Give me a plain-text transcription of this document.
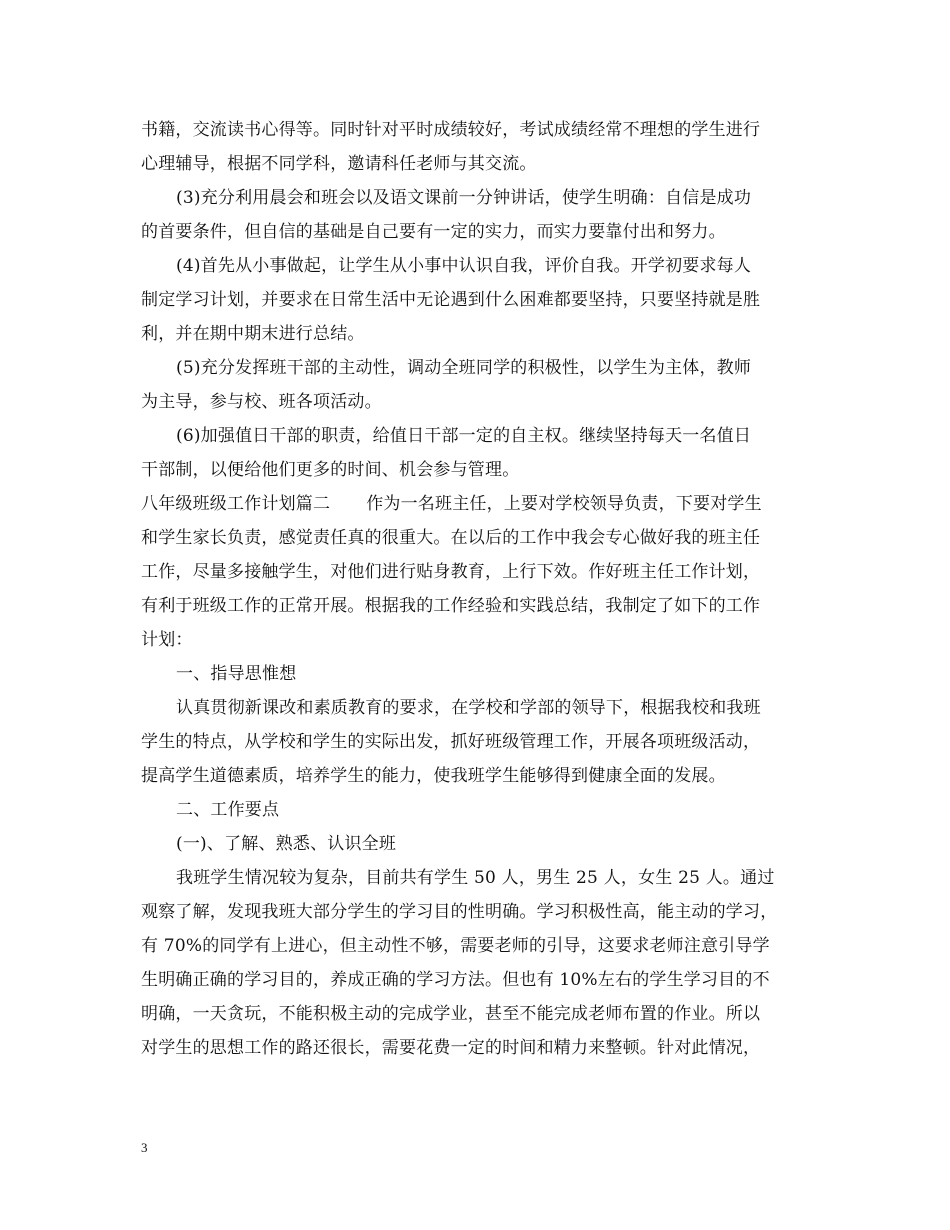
书籍，交流读书心得等。同时针对平时成绩较好，考试成绩经常不理想的学生进行
心理辅导，根据不同学科，邀请科任老师与其交流。
(3)充分利用晨会和班会以及语文课前一分钟讲话，使学生明确：自信是成功
的首要条件，但自信的基础是自己要有一定的实力，而实力要靠付出和努力。
(4)首先从小事做起，让学生从小事中认识自我，评价自我。开学初要求每人
制定学习计划，并要求在日常生活中无论遇到什么困难都要坚持，只要坚持就是胜
利，并在期中期末进行总结。
(5)充分发挥班干部的主动性，调动全班同学的积极性，以学生为主体，教师
为主导，参与校、班各项活动。
(6)加强值日干部的职责，给值日干部一定的自主权。继续坚持每天一名值日
干部制，以便给他们更多的时间、机会参与管理。
八年级班级工作计划篇二 作为一名班主任，上要对学校领导负责，下要对学生
和学生家长负责，感觉责任真的很重大。在以后的工作中我会专心做好我的班主任
工作，尽量多接触学生，对他们进行贴身教育，上行下效。作好班主任工作计划，
有利于班级工作的正常开展。根据我的工作经验和实践总结，我制定了如下的工作
计划：
一、指导思惟想
认真贯彻新课改和素质教育的要求，在学校和学部的领导下，根据我校和我班
学生的特点，从学校和学生的实际出发，抓好班级管理工作，开展各项班级活动，
提高学生道德素质，培养学生的能力，使我班学生能够得到健康全面的发展。
二、工作要点
(一)、了解、熟悉、认识全班
我班学生情况较为复杂，目前共有学生 50 人，男生 25 人，女生 25 人。通过
观察了解，发现我班大部分学生的学习目的性明确。学习积极性高，能主动的学习，
有 70%的同学有上进心，但主动性不够，需要老师的引导，这要求老师注意引导学
生明确正确的学习目的，养成正确的学习方法。但也有 10%左右的学生学习目的不
明确，一天贪玩，不能积极主动的完成学业，甚至不能完成老师布置的作业。所以
对学生的思想工作的路还很长，需要花费一定的时间和精力来整顿。针对此情况，
3
